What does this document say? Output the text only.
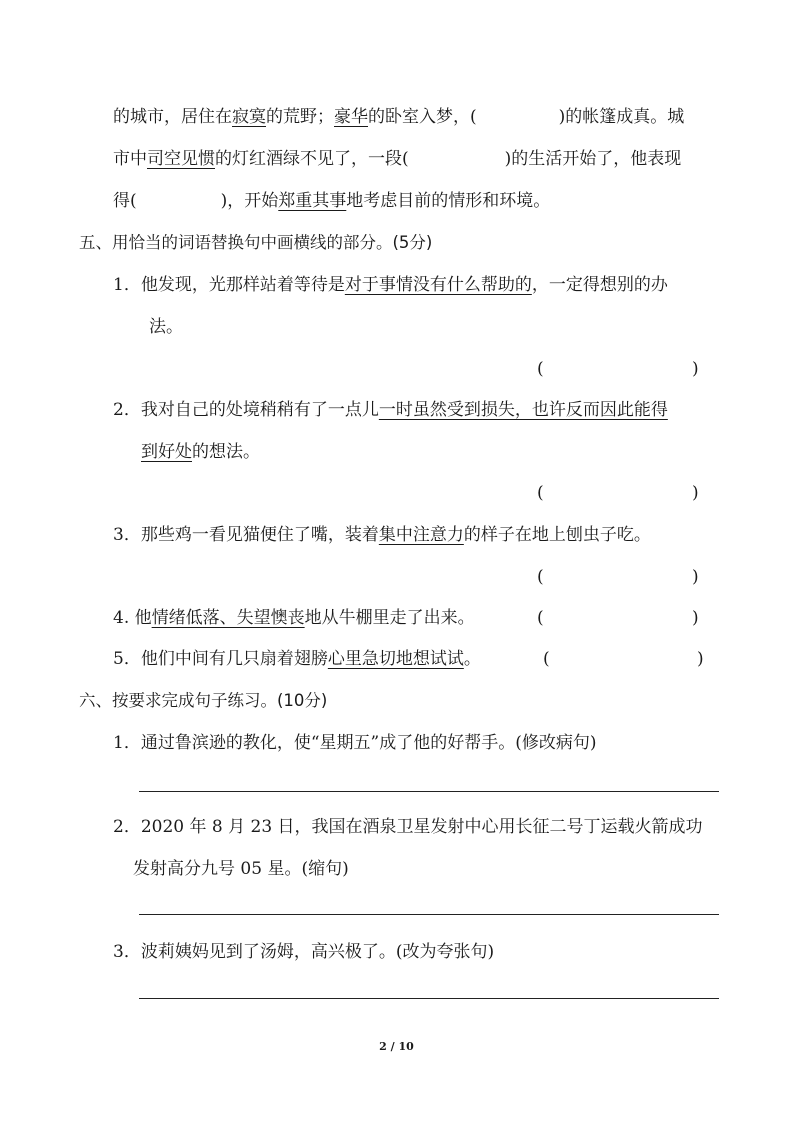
的城市，居住在寂寞的荒野；豪华的卧室入梦，(	)的帐篷成真。城
市中司空见惯的灯红酒绿不见了，一段(	)的生活开始了，他表现
得(	)，开始郑重其事地考虑目前的情形和环境。
五、用恰当的词语替换句中画横线的部分。(5分)
1．他发现，光那样站着等待是对于事情没有什么帮助的，一定得想别的办
法。
(	)
2．我对自己的处境稍稍有了一点儿一时虽然受到损失，也许反而因此能得
到好处的想法。
(	)
3．那些鸡一看见猫便住了嘴，装着集中注意力的样子在地上刨虫子吃。
(	)
4. 他情绪低落、失望懊丧地从牛棚里走了出来。	(	)
5．他们中间有几只扇着翅膀心里急切地想试试。	(	)
六、按要求完成句子练习。(10分)
1．通过鲁滨逊的教化，使“星期五”成了他的好帮手。(修改病句)
2．2020 年 8 月 23 日，我国在酒泉卫星发射中心用长征二号丁运载火箭成功
发射高分九号 05 星。(缩句)
3．波莉姨妈见到了汤姆，高兴极了。(改为夸张句)
2 / 10
